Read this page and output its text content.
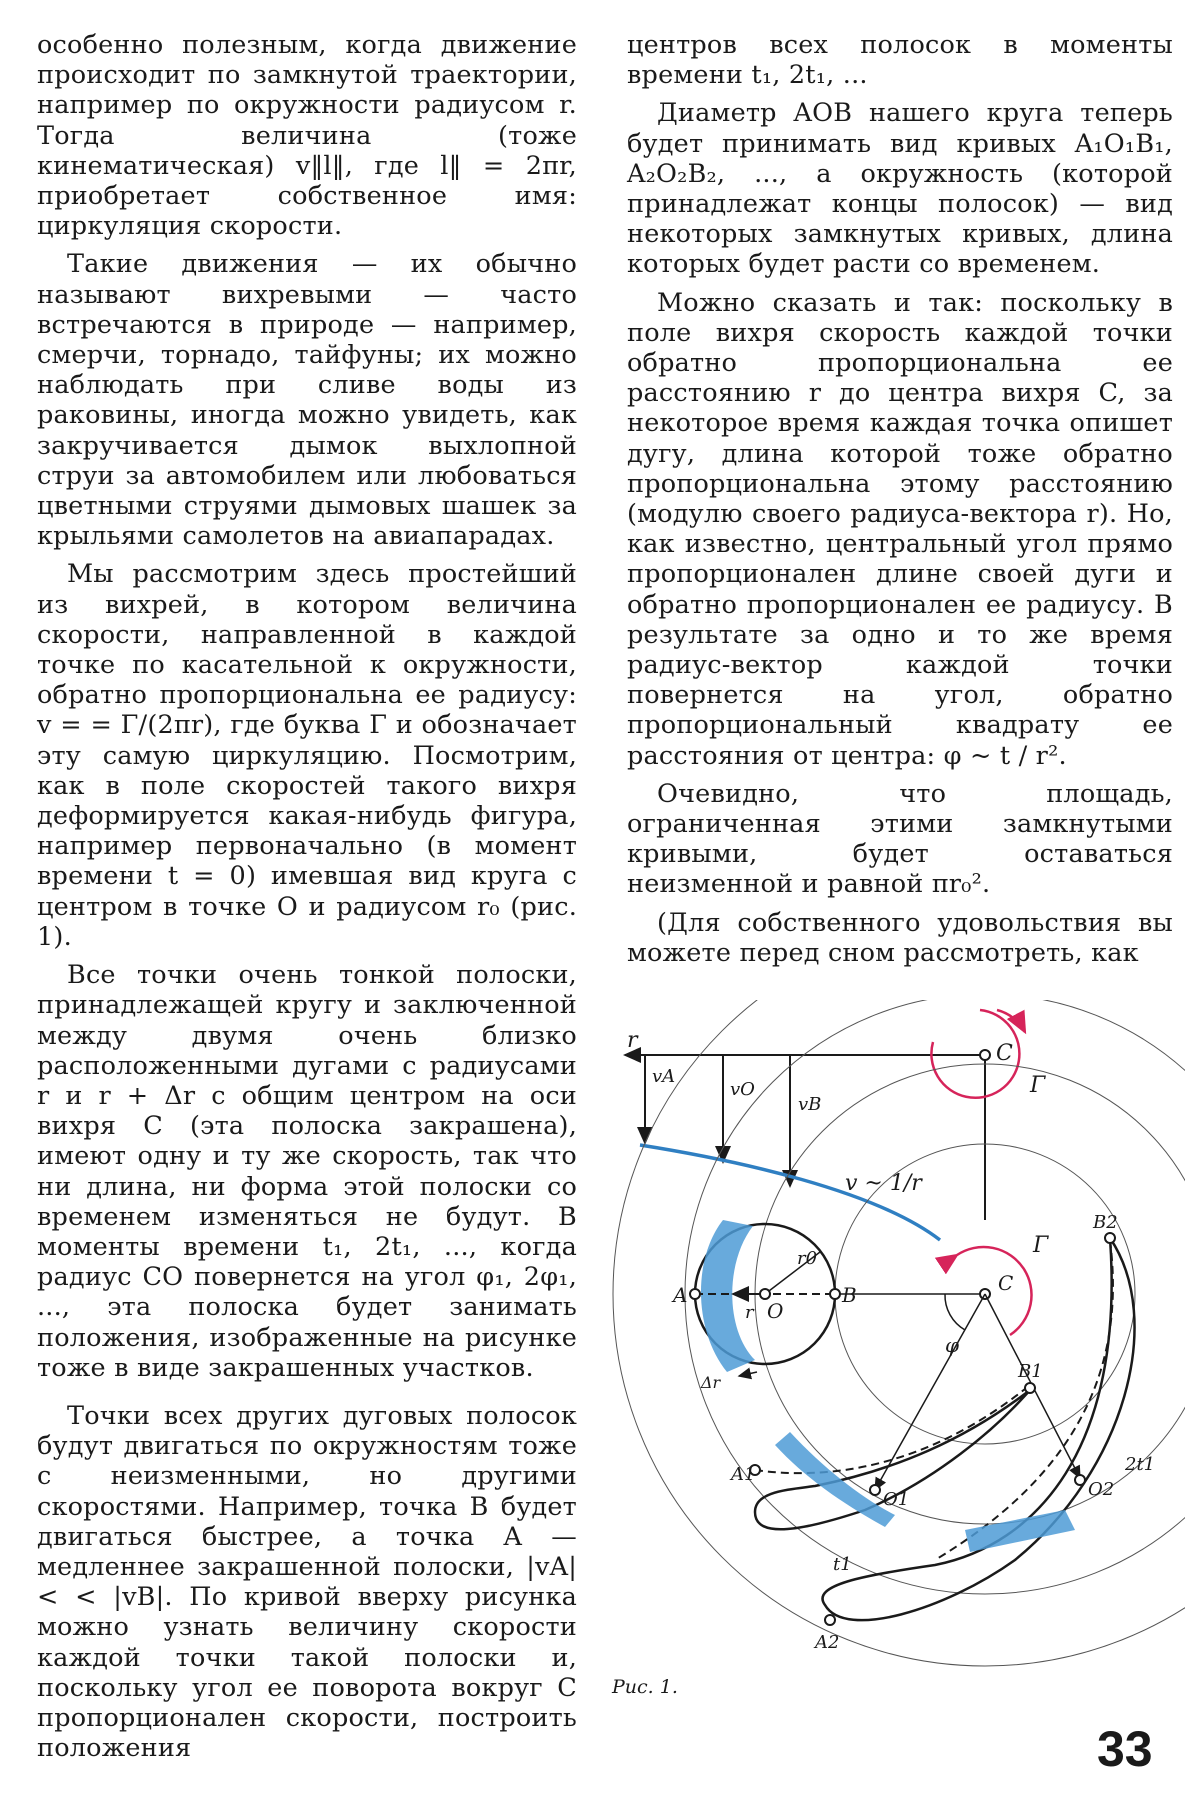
особенно полезным, когда движение происходит по замкнутой траектории, например по окружности радиусом r. Тогда величина (тоже кинематическая) v‖l‖, где l‖ = 2πr, приобретает собственное имя: циркуляция скорости.

Такие движения — их обычно называют вихревыми — часто встречаются в природе — например, смерчи, торнадо, тайфуны; их можно наблюдать при сливе воды из раковины, иногда можно увидеть, как закручивается дымок выхлопной струи за автомобилем или любоваться цветными струями дымовых шашек за крыльями самолетов на авиапарадах.

Мы рассмотрим здесь простейший из вихрей, в котором величина скорости, направленной в каждой точке по касательной к окружности, обратно пропорциональна ее радиусу: v = = Γ/(2πr), где буква Γ и обозначает эту самую циркуляцию. Посмотрим, как в поле скоростей такого вихря деформируется какая-нибудь фигура, например первоначально (в момент времени t = 0) имевшая вид круга с центром в точке O и радиусом r₀ (рис. 1).

Все точки очень тонкой полоски, принадлежащей кругу и заключенной между двумя очень близко расположенными дугами с радиусами r и r + Δr с общим центром на оси вихря C (эта полоска закрашена), имеют одну и ту же скорость, так что ни длина, ни форма этой полоски со временем изменяться не будут. В моменты времени t₁, 2t₁, ..., когда радиус CO повернется на угол φ₁, 2φ₁, ..., эта полоска будет занимать положения, изображенные на рисунке тоже в виде закрашенных участков.

Точки всех других дуговых полосок будут двигаться по окружностям тоже с неизменными, но другими скоростями. Например, точка B будет двигаться быстрее, а точка A — медленнее закрашенной полоски, |vA| < < |vB|. По кривой вверху рисунка можно узнать величину скорости каждой точки такой полоски и, поскольку угол ее поворота вокруг C пропорционален скорости, построить положения

центров всех полосок в моменты времени t₁, 2t₁, ...

Диаметр AOB нашего круга теперь будет принимать вид кривых A₁O₁B₁, A₂O₂B₂, ..., а окружность (которой принадлежат концы полосок) — вид некоторых замкнутых кривых, длина которых будет расти со временем.

Можно сказать и так: поскольку в поле вихря скорость каждой точки обратно пропорциональна ее расстоянию r до центра вихря C, за некоторое время каждая точка опишет дугу, длина которой тоже обратно пропорциональна этому расстоянию (модулю своего радиуса-вектора r). Но, как известно, центральный угол прямо пропорционален длине своей дуги и обратно пропорционален ее радиусу. В результате за одно и то же время радиус-вектор каждой точки повернется на угол, обратно пропорциональный квадрату ее расстояния от центра: φ ~ t / r².

Очевидно, что площадь, ограниченная этими замкнутыми кривыми, будет оставаться неизменной и равной πr₀².

(Для собственного удовольствия вы можете перед сном рассмотреть, как

r
vA
vO
vB
C
Γ
v ~ 1/r
A
O
B
r0
r
Δr
C
Γ
φ
B1
A1
O1
t1
O2
2t1
A2
B2
Рис. 1.
33
